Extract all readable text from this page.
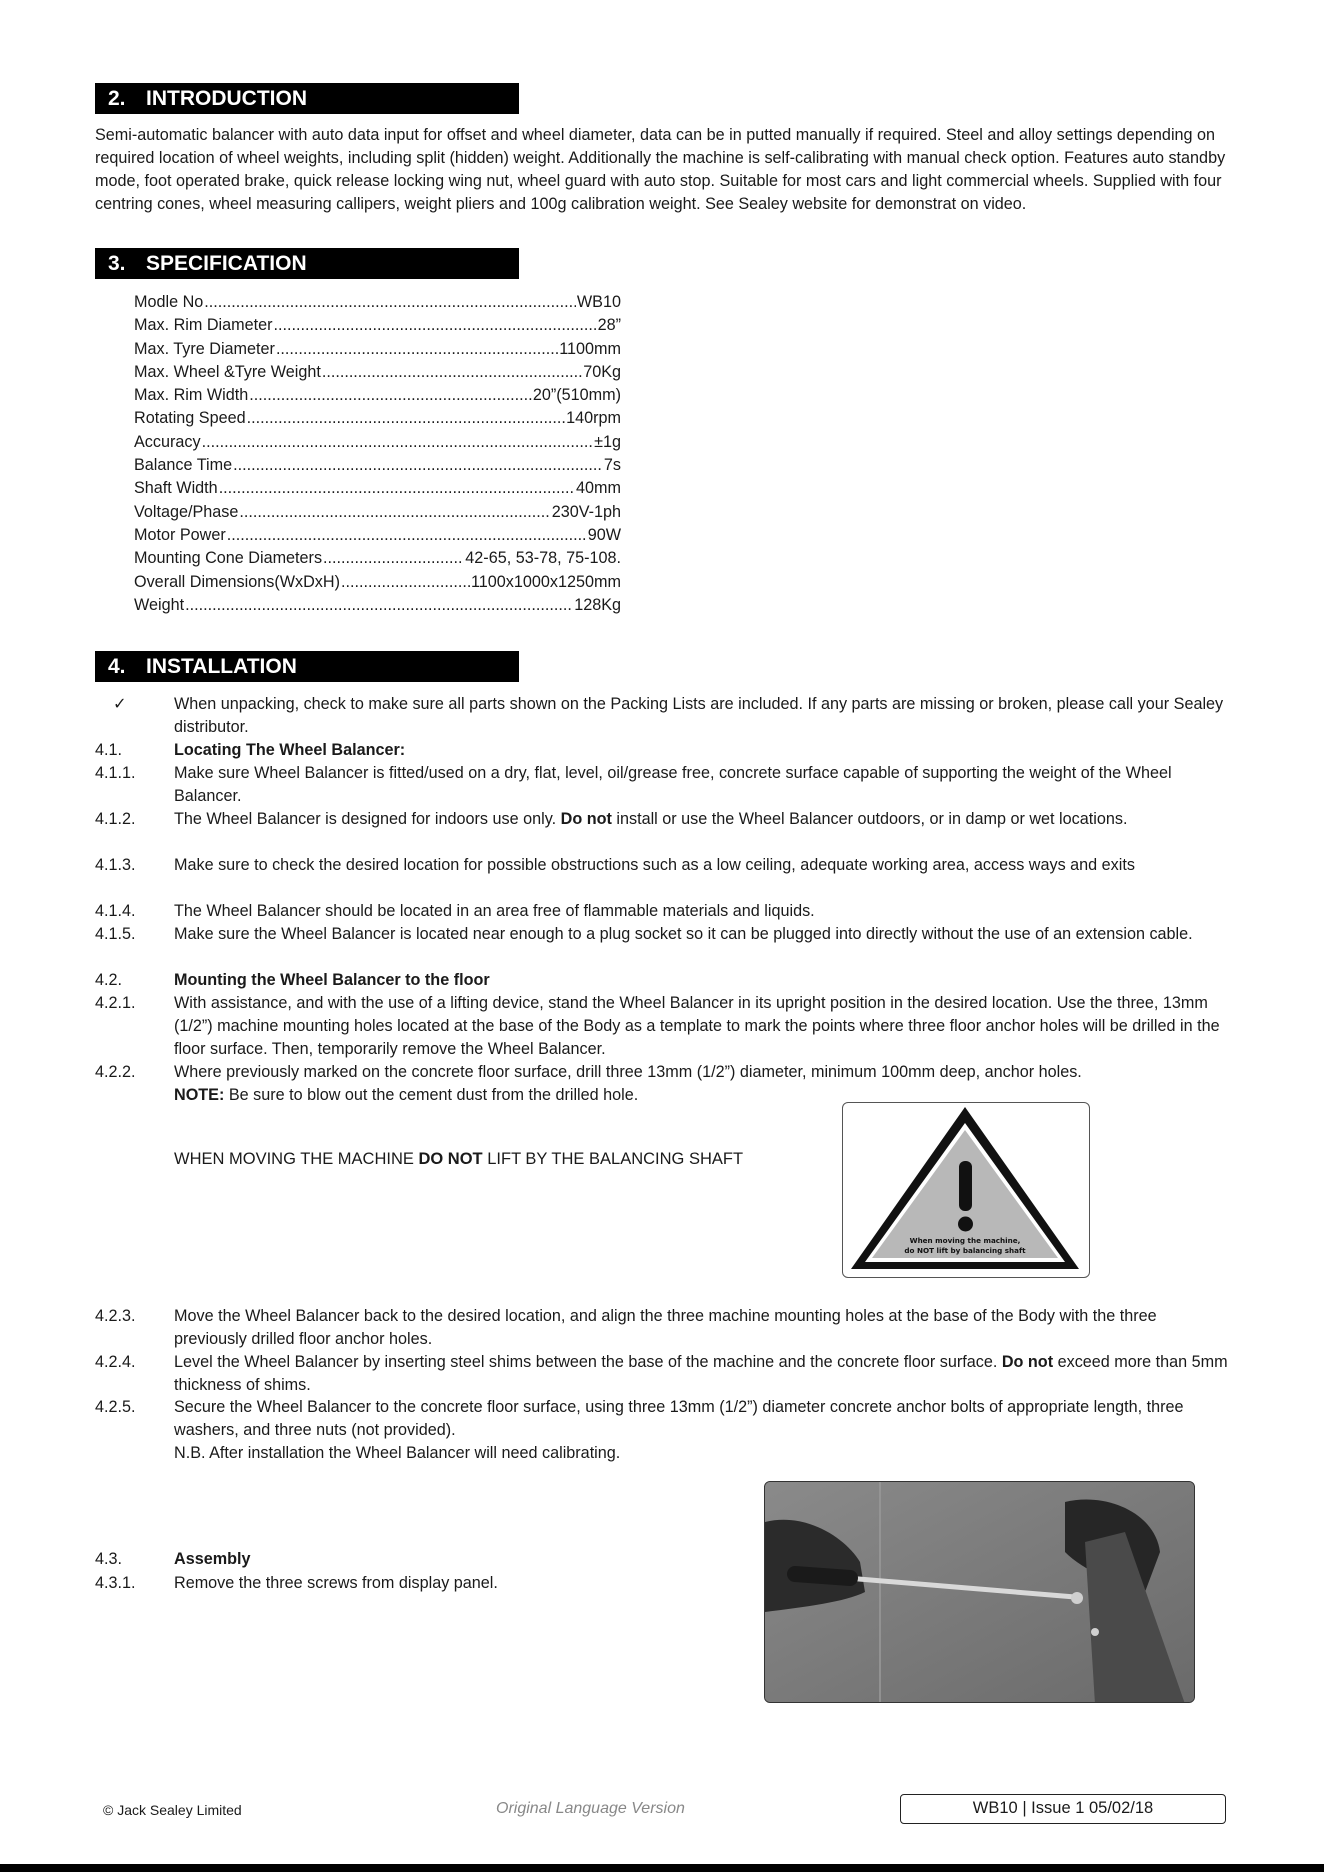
2. INTRODUCTION

Semi-automatic balancer with auto data input for offset and wheel diameter, data can be in putted manually if required. Steel and alloy settings depending on required location of wheel weights, including split (hidden) weight. Additionally the machine is self-calibrating with manual check option. Features auto standby mode, foot operated brake, quick release locking wing nut, wheel guard with auto stop. Suitable for most cars and light commercial wheels. Supplied with four centring cones, wheel measuring callipers, weight pliers and 100g calibration weight. See Sealey website for demonstrat on video.

3. SPECIFICATION
Modle No .....	WB10
Max. Rim Diameter .....	28”
Max. Tyre Diameter .....	1100mm
Max. Wheel &Tyre Weight .....	70Kg
Max. Rim Width .....	20”(510mm)
Rotating Speed .....	140rpm
Accuracy .....	±1g
Balance Time .....	7s
Shaft Width .....	40mm
Voltage/Phase .....	230V-1ph
Motor Power .....	90W
Mounting Cone Diameters .....	42-65, 53-78, 75-108.
Overall Dimensions(WxDxH) .....	1100x1000x1250mm
Weight .....	128Kg
4. INSTALLATION
✓	When unpacking, check to make sure all parts shown on the Packing Lists are included. If any parts are missing or broken, please call your Sealey distributor.
4.1.	Locating The Wheel Balancer:
4.1.1.	Make sure Wheel Balancer is fitted/used on a dry, flat, level, oil/grease free, concrete surface capable of supporting the weight of the Wheel Balancer.
4.1.2.	The Wheel Balancer is designed for indoors use only. Do not install or use the Wheel Balancer outdoors, or in damp or wet locations.
4.1.3.	Make sure to check the desired location for possible obstructions such as a low ceiling, adequate working area, access ways and exits
4.1.4.	The Wheel Balancer should be located in an area free of flammable materials and liquids.
4.1.5.	Make sure the Wheel Balancer is located near enough to a plug socket so it can be plugged into directly without the use of an extension cable.
4.2.	Mounting the Wheel Balancer to the floor
4.2.1.	With assistance, and with the use of a lifting device, stand the Wheel Balancer in its upright position in the desired location. Use the three, 13mm (1/2”) machine mounting holes located at the base of the Body as a template to mark the points where three floor anchor holes will be drilled in the floor surface. Then, temporarily remove the Wheel Balancer.
4.2.2.	Where previously marked on the concrete floor surface, drill three 13mm (1/2”) diameter, minimum 100mm deep, anchor holes.
NOTE: Be sure to blow out the cement dust from the drilled hole.
WHEN MOVING THE MACHINE DO NOT LIFT BY THE BALANCING SHAFT
When moving the machine,
do NOT lift by balancing shaft
4.2.3.	Move the Wheel Balancer back to the desired location, and align the three machine mounting holes at the base of the Body with the three previously drilled floor anchor holes.
4.2.4.	Level the Wheel Balancer by inserting steel shims between the base of the machine and the concrete floor surface. Do not exceed more than 5mm thickness of shims.
4.2.5.	Secure the Wheel Balancer to the concrete floor surface, using three 13mm (1/2”) diameter concrete anchor bolts of appropriate length, three washers, and three nuts (not provided).
N.B. After installation the Wheel Balancer will need calibrating.
4.3.	Assembly
4.3.1.	Remove the three screws from display panel.
© Jack Sealey Limited	Original Language Version	WB10 | Issue 1 05/02/18
